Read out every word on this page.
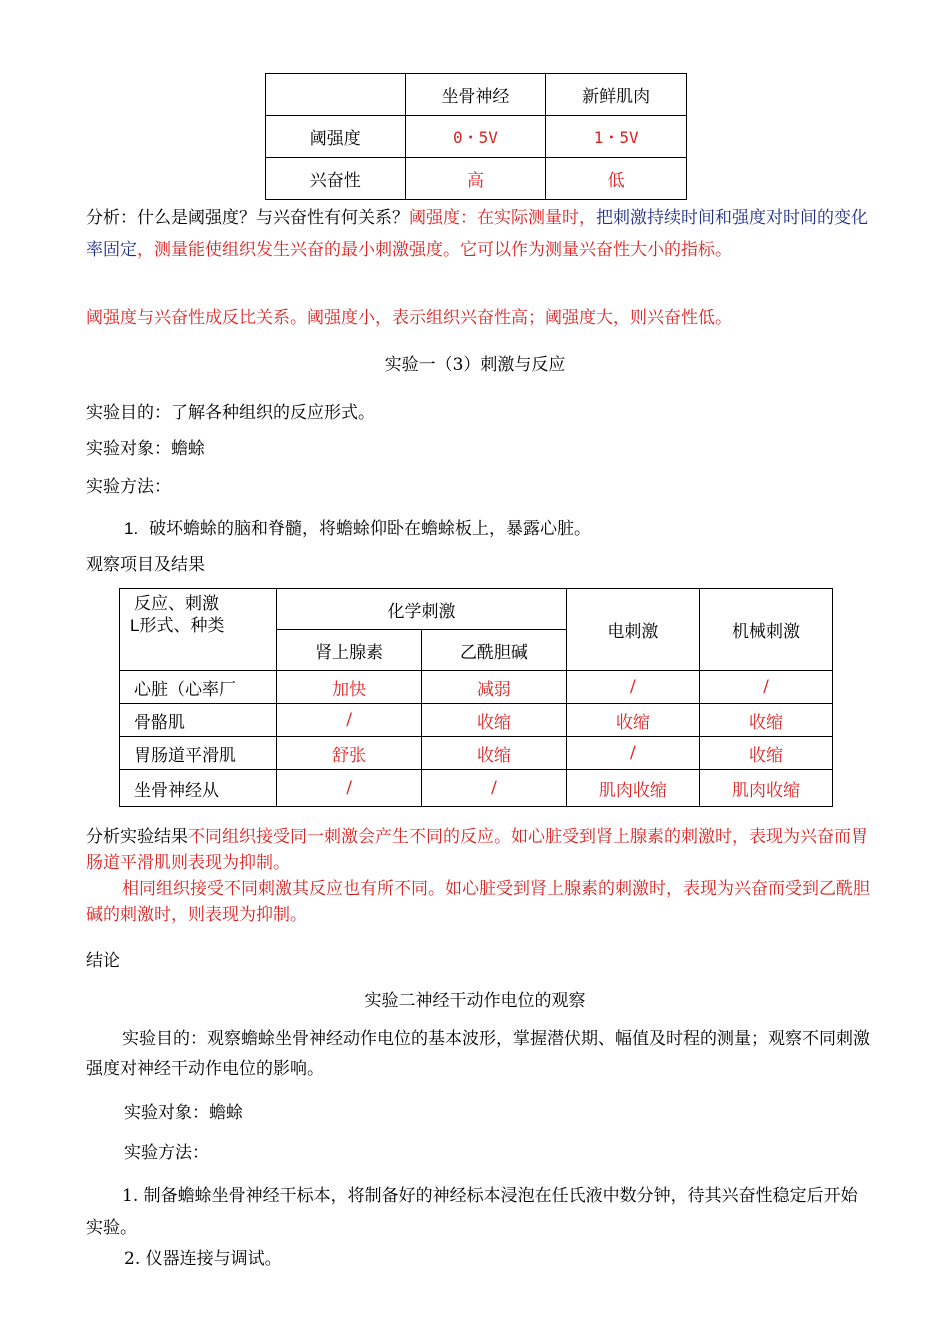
	坐骨神经	新鲜肌肉
阈强度	0・5V	1・5V
兴奋性	高	低
分析：什么是阈强度？与兴奋性有何关系？阈强度：在实际测量时，把刺激持续时间和强度对时间的变化率固定，测量能使组织发生兴奋的最小刺激强度。它可以作为测量兴奋性大小的指标。
阈强度与兴奋性成反比关系。阈强度小，表示组织兴奋性高；阈强度大，则兴奋性低。
实验一（3）刺激与反应
实验目的：了解各种组织的反应形式。
实验对象：蟾蜍
实验方法：
1. 破坏蟾蜍的脑和脊髓，将蟾蜍仰卧在蟾蜍板上，暴露心脏。
观察项目及结果
反应、刺激
L形式、种类	化学刺激		电刺激	机械刺激
	肾上腺素	乙酰胆碱		
心脏（心率厂	加快	减弱	/	/
骨骼肌	/	收缩	收缩	收缩
胃肠道平滑肌	舒张	收缩	/	收缩
坐骨神经从	/	/	肌肉收缩	肌肉收缩
分析实验结果不同组织接受同一刺激会产生不同的反应。如心脏受到肾上腺素的刺激时，表现为兴奋而胃肠道平滑肌则表现为抑制。
相同组织接受不同刺激其反应也有所不同。如心脏受到肾上腺素的刺激时，表现为兴奋而受到乙酰胆碱的刺激时，则表现为抑制。
结论
实验二神经干动作电位的观察
实验目的：观察蟾蜍坐骨神经动作电位的基本波形，掌握潜伏期、幅值及时程的测量；观察不同刺激强度对神经干动作电位的影响。
实验对象：蟾蜍
实验方法：
1. 制备蟾蜍坐骨神经干标本，将制备好的神经标本浸泡在任氏液中数分钟，待其兴奋性稳定后开始实验。
2. 仪器连接与调试。
